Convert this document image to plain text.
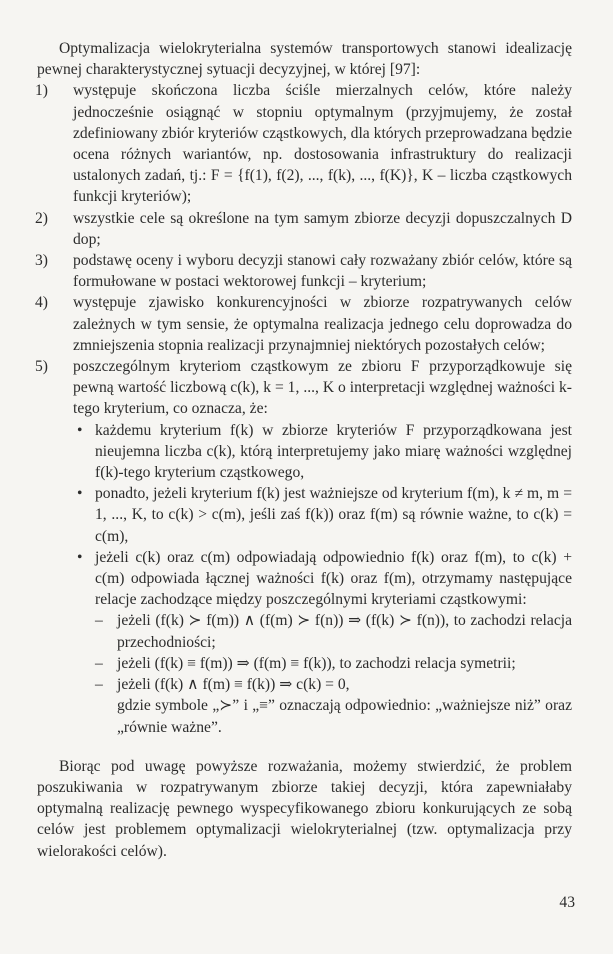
Optymalizacja wielokryterialna systemów transportowych stanowi idealizację pewnej charakterystycznej sytuacji decyzyjnej, w której [97]:

1) występuje skończona liczba ściśle mierzalnych celów, które należy jednocześnie osiągnąć w stopniu optymalnym (przyjmujemy, że został zdefiniowany zbiór kryteriów cząstkowych, dla których przeprowadzana będzie ocena różnych wariantów, np. dostosowania infrastruktury do realizacji ustalonych zadań, tj.: F = {f(1), f(2), ..., f(k), ..., f(K)}, K – liczba cząstkowych funkcji kryteriów);
2) wszystkie cele są określone na tym samym zbiorze decyzji dopuszczalnych D dop;
3) podstawę oceny i wyboru decyzji stanowi cały rozważany zbiór celów, które są formułowane w postaci wektorowej funkcji – kryterium;
4) występuje zjawisko konkurencyjności w zbiorze rozpatrywanych celów zależnych w tym sensie, że optymalna realizacja jednego celu doprowadza do zmniejszenia stopnia realizacji przynajmniej niektórych pozostałych celów;
5) poszczególnym kryteriom cząstkowym ze zbioru F przyporządkowuje się pewną wartość liczbową c(k), k = 1, ..., K o interpretacji względnej ważności k-tego kryterium, co oznacza, że:
• każdemu kryterium f(k) w zbiorze kryteriów F przyporządkowana jest nieujemna liczba c(k), którą interpretujemy jako miarę ważności względnej f(k)-tego kryterium cząstkowego,
• ponadto, jeżeli kryterium f(k) jest ważniejsze od kryterium f(m), k ≠ m, m = 1, ..., K, to c(k) > c(m), jeśli zaś f(k)) oraz f(m) są równie ważne, to c(k) = c(m),
• jeżeli c(k) oraz c(m) odpowiadają odpowiednio f(k) oraz f(m), to c(k) + c(m) odpowiada łącznej ważności f(k) oraz f(m), otrzymamy następujące relacje zachodzące między poszczególnymi kryteriami cząstkowymi:
– jeżeli (f(k) ≻ f(m)) ∧ (f(m) ≻ f(n)) ⇒ (f(k) ≻ f(n)), to zachodzi relacja przechodniości;
– jeżeli (f(k) ≡ f(m)) ⇒ (f(m) ≡ f(k)), to zachodzi relacja symetrii;
– jeżeli (f(k) ∧ f(m) ≡ f(k)) ⇒ c(k) = 0,

gdzie symbole „≻” i „≡” oznaczają odpowiednio: „ważniejsze niż” oraz „równie ważne”.

Biorąc pod uwagę powyższe rozważania, możemy stwierdzić, że problem poszukiwania w rozpatrywanym zbiorze takiej decyzji, która zapewniałaby optymalną realizację pewnego wyspecyfikowanego zbioru konkurujących ze sobą celów jest problemem optymalizacji wielokryterialnej (tzw. optymalizacja przy wielorakości celów).

43
